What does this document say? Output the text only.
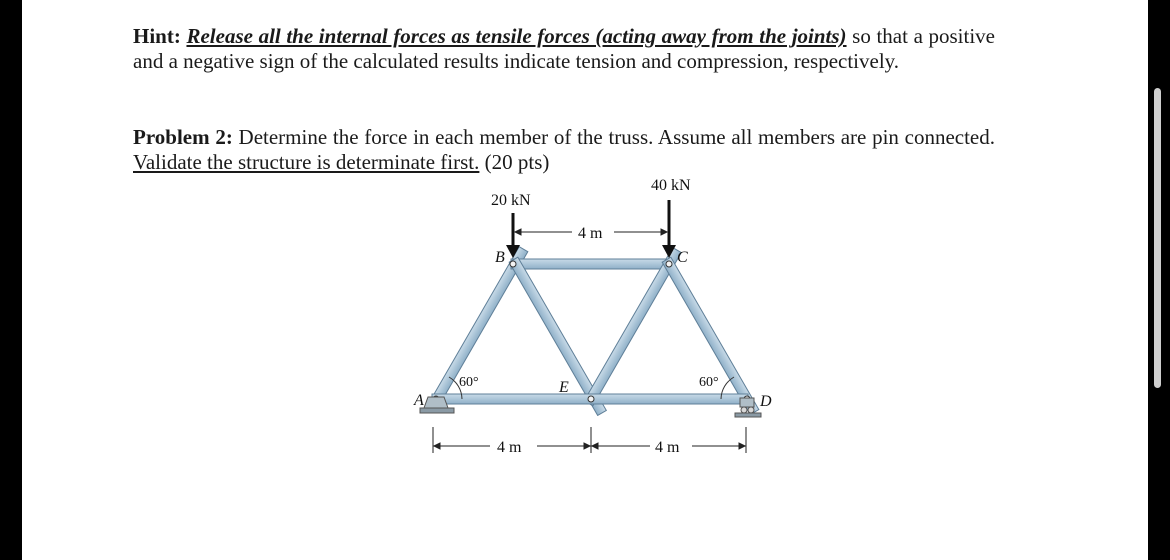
Hint: Release all the internal forces as tensile forces (acting away from the joints) so that a positive and a negative sign of the calculated results indicate tension and compression, respectively.
Problem 2: Determine the force in each member of the truss. Assume all members are pin connected. Validate the structure is determinate first. (20 pts)
20 kN
40 kN
4 m
4 m	4 m
60°	60°
A
B	C
D
E
